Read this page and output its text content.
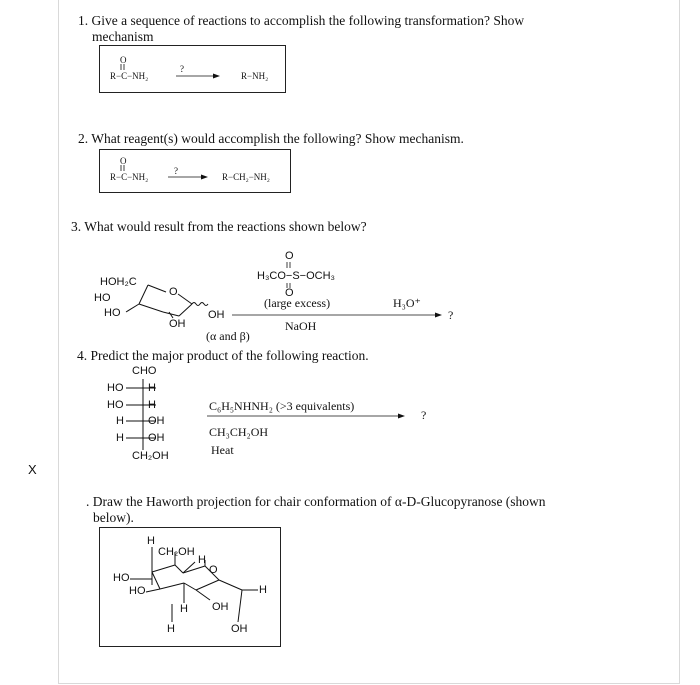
X
1. Give a sequence of reactions to accomplish the following transformation? Show
mechanism
O
R−C−NH₂
?
R−NH₂
2. What reagent(s) would accomplish the following? Show mechanism.
O
R−C−NH₂
?
R−CH₂−NH₂
3. What would result from the reactions shown below?
HOH₂C
O
HO
HO
OH
OH
(α and β)
O
H₃CO−S−OCH₃
O
(large excess)
NaOH
H₃O⁺
?
4. Predict the major product of the following reaction.
CHO
HO H
HO H
H OH
H OH
CH₂OH
C₆H₅NHNH₂ (>3 equivalents)
?
CH₃CH₂OH
Heat
. Draw the Haworth projection for chair conformation of α-D-Glucopyranose (shown
below).
H
CH₂OH
H
O
HO
HO	H
H OH
H	OH
